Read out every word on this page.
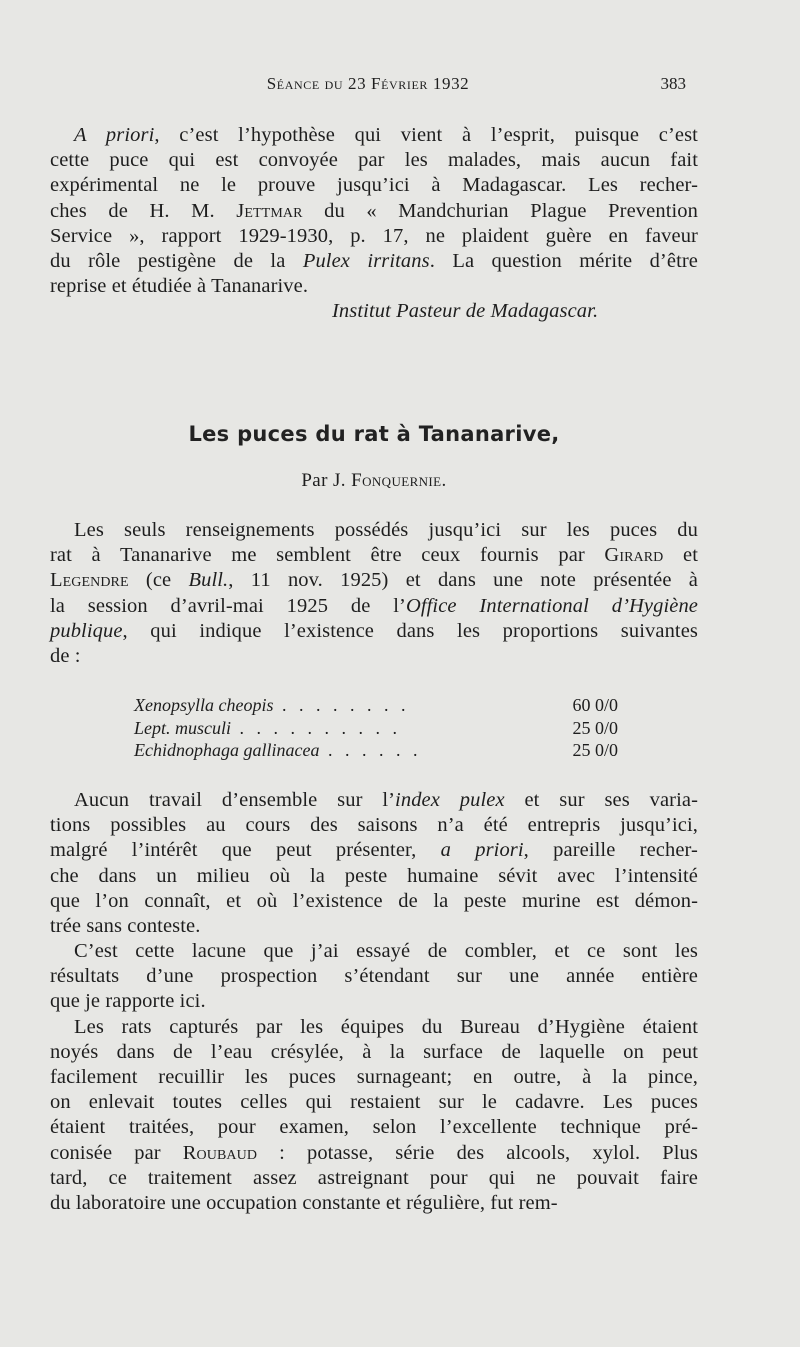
Séance du 23 Février 1932	383
A priori, c’est l’hypothèse qui vient à l’esprit, puisque c’est
cette puce qui est convoyée par les malades, mais aucun fait
expérimental ne le prouve jusqu’ici à Madagascar. Les recher-
ches de H. M. Jettmar du « Mandchurian Plague Prevention
Service », rapport 1929-1930, p. 17, ne plaident guère en faveur
du rôle pestigène de la Pulex irritans. La question mérite d’être
reprise et étudiée à Tananarive.
Institut Pasteur de Madagascar.
Les puces du rat à Tananarive,
Par J. Fonquernie.
Les seuls renseignements possédés jusqu’ici sur les puces du
rat à Tananarive me semblent être ceux fournis par Girard et
Legendre (ce Bull., 11 nov. 1925) et dans une note présentée à
la session d’avril-mai 1925 de l’Office International d’Hygiène
publique, qui indique l’existence dans les proportions suivantes
de :
Xenopsylla cheopis . . . . . . . .	60 0/0
Lept. musculi . . . . . . . . . .	25 0/0
Echidnophaga gallinacea . . . . . .	25 0/0
Aucun travail d’ensemble sur l’index pulex et sur ses varia-
tions possibles au cours des saisons n’a été entrepris jusqu’ici,
malgré l’intérêt que peut présenter, a priori, pareille recher-
che dans un milieu où la peste humaine sévit avec l’intensité
que l’on connaît, et où l’existence de la peste murine est démon-
trée sans conteste.
C’est cette lacune que j’ai essayé de combler, et ce sont les
résultats d’une prospection s’étendant sur une année entière
que je rapporte ici.
Les rats capturés par les équipes du Bureau d’Hygiène étaient
noyés dans de l’eau crésylée, à la surface de laquelle on peut
facilement recuillir les puces surnageant; en outre, à la pince,
on enlevait toutes celles qui restaient sur le cadavre. Les puces
étaient traitées, pour examen, selon l’excellente technique pré-
conisée par Roubaud : potasse, série des alcools, xylol. Plus
tard, ce traitement assez astreignant pour qui ne pouvait faire
du laboratoire une occupation constante et régulière, fut rem-
